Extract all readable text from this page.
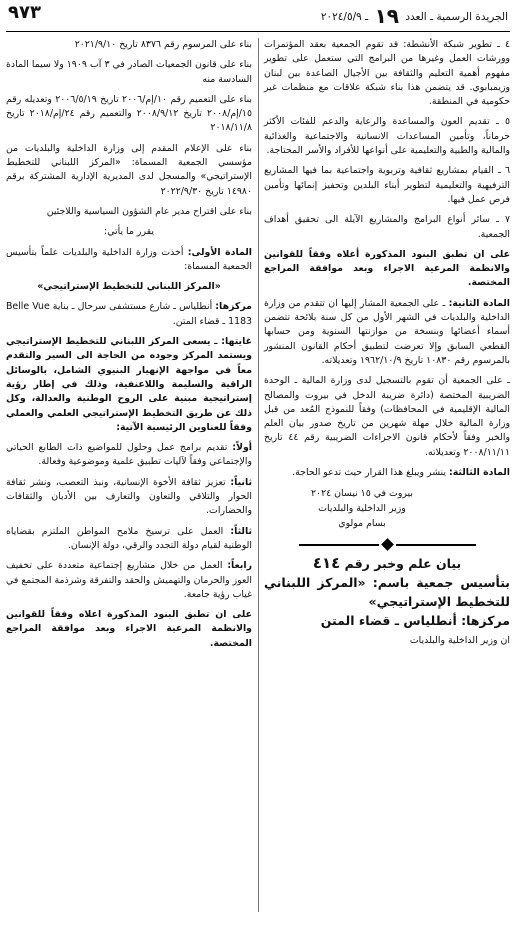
٩٧٣	الجريدة الرسمية ـ العدد ١٩ ـ ٢٠٢٤/٥/٩

٤ ـ تطوير شبكة الأنشطة: قد تقوم الجمعية بعقد المؤتمرات وورشات العمل وغيرها من البرامج التي ستعمل على تطوير مفهوم أهمية التعليم والثقافة بين الأجيال الصاعدة بين لبنان وزيمبابوي. قد يتضمن هذا بناء شبكة علاقات مع منظمات غير حكومية في المنطقة.

٥ ـ تقديم العون والمساعدة والرعاية والدعم للفئات الأكثر حرماناً، وتأمين المساعدات الانسانية والاجتماعية والغذائية والمالية والطبية والتعليمية على أنواعها للأفراد والأسر المحتاجة.

٦ ـ القيام بمشاريع ثقافية وتربوية واجتماعية بما فيها المشاريع الترفيهية والتعليمية لتطوير أبناء البلدين وتحفيز إنمائها وتأمين فرص عمل فيها.

٧ ـ سائر أنواع البرامج والمشاريع الآيلة الى تحقيق أهداف الجمعية.

على ان تطبق البنود المذكورة أعلاه وفقاً للقوانين والانظمة المرعية الاجراء وبعد موافقة المراجع المختصة.

المادة الثانية: ـ على الجمعية المشار إليها ان تتقدم من وزارة الداخلية والبلديات في الشهر الأول من كل سنة بلائحة تتضمن أسماء أعضائها وبنسخة من موازنتها السنوية ومن حسابها القطعي السابق وإلا تعرضت لتطبيق أحكام القانون المنشور بالمرسوم رقم ١٠٨٣٠ تاريخ ١٩٦٢/١٠/٩ وتعديلاته.

ـ على الجمعية أن تقوم بالتسجيل لدى وزارة المالية ـ الوحدة الضريبية المختصة (دائرة ضريبة الدخل في بيروت والمصالح المالية الإقليمية في المحافظات) وفقاً للنموذج المُعد من قبل وزارة المالية خلال مهلة شهرين من تاريخ صدور بيان العلم والخبر وفقاً لأحكام قانون الاجراءات الضريبية رقم ٤٤ تاريخ ٢٠٠٨/١١/١١ وتعديلاته.

المادة الثالثة: ينشر ويبلغ هذا القرار حيث تدعو الحاجة.

بيروت في ١٥ نيسان ٢٠٢٤
وزير الداخلية والبلديات
بسام مولوي
بيان علم وخبر رقم ٤١٤
بتأسيس جمعية باسم: «المركز اللبناني للتخطيط الإستراتيجي»
مركزها: أنطلياس ـ قضاء المتن

ان وزير الداخلية والبلديات

بناء على المرسوم رقم ٨٣٧٦ تاريخ ٢٠٢١/٩/١٠

بناء على قانون الجمعيات الصادر في ٣ آب ١٩٠٩ ولا سيما المادة السادسة منه

بناء على التعميم رقم ١٠/إم/٢٠٠٦ تاريخ ٢٠٠٦/٥/١٩ وتعديله رقم ١٥/إم/٢٠٠٨ تاريخ ٢٠٠٨/٩/١٢ والتعميم رقم ٢٤/إم/٢٠١٨ تاريخ ٢٠١٨/١١/٨

بناء على الإعلام المقدم إلى وزارة الداخلية والبلديات من مؤسسي الجمعية المسماة: «المركز اللبناني للتخطيط الإستراتيجي» والمسجل لدى المديرية الإدارية المشتركة برقم ١٤٩٨٠ تاريخ ٢٠٢٢/٩/٣٠

بناء على اقتراح مدير عام الشؤون السياسية واللاجئين

يقرر ما يأتي:

المادة الأولى: أخذت وزارة الداخلية والبلديات علماً بتأسيس الجمعية المسماة:

«المركز اللبناني للتخطيط الإستراتيجي»

مركزها: أنطلياس ـ شارع مستشفى سرحال ـ بناية Belle Vue 1183 ـ قضاء المتن.

غايتها: ـ يسعى المركز اللبناني للتخطيط الإستراتيجي ويستمد المركز وجوده من الحاجة الى السير والتقدم معاً في مواجهة الإنهيار البنيوي الشامل، بالوسائل الراقية والسليمة واللاعنفية، وذلك في إطار رؤية إستراتيجية مبنية على الروح الوطنية والعدالة، وكل ذلك عن طريق التخطيط الإستراتيجي العلمي والعملي وفقاً للعناوين الرئيسية الآتية:

أولاً: تقديم برامج عمل وحلول للمواضيع ذات الطابع الحياتي والإجتماعي وفقاً لآليات تطبيق علمية وموضوعية وفعالة.

ثانياً: تعزيز ثقافة الأخوة الإنسانية، ونبذ التعصب، ونشر ثقافة الحوار والتلاقي والتعاون والتعارف بين الأديان والثقافات والحضارات.

ثالثاً: العمل على ترسيخ ملامح المواطن الملتزم بقضاياه الوطنية لقيام دولة التجدد والرقي، دولة الإنسان.

رابعاً: العمل من خلال مشاريع إجتماعية متعددة على تخفيف العوز والحرمان والتهميش والحقد والتفرقة وشرذمة المجتمع في غياب رؤية جامعة.

على ان تطبق البنود المذكورة اعلاه وفقاً للقوانين والانظمة المرعية الاجراء وبعد موافقة المراجع المختصة.
